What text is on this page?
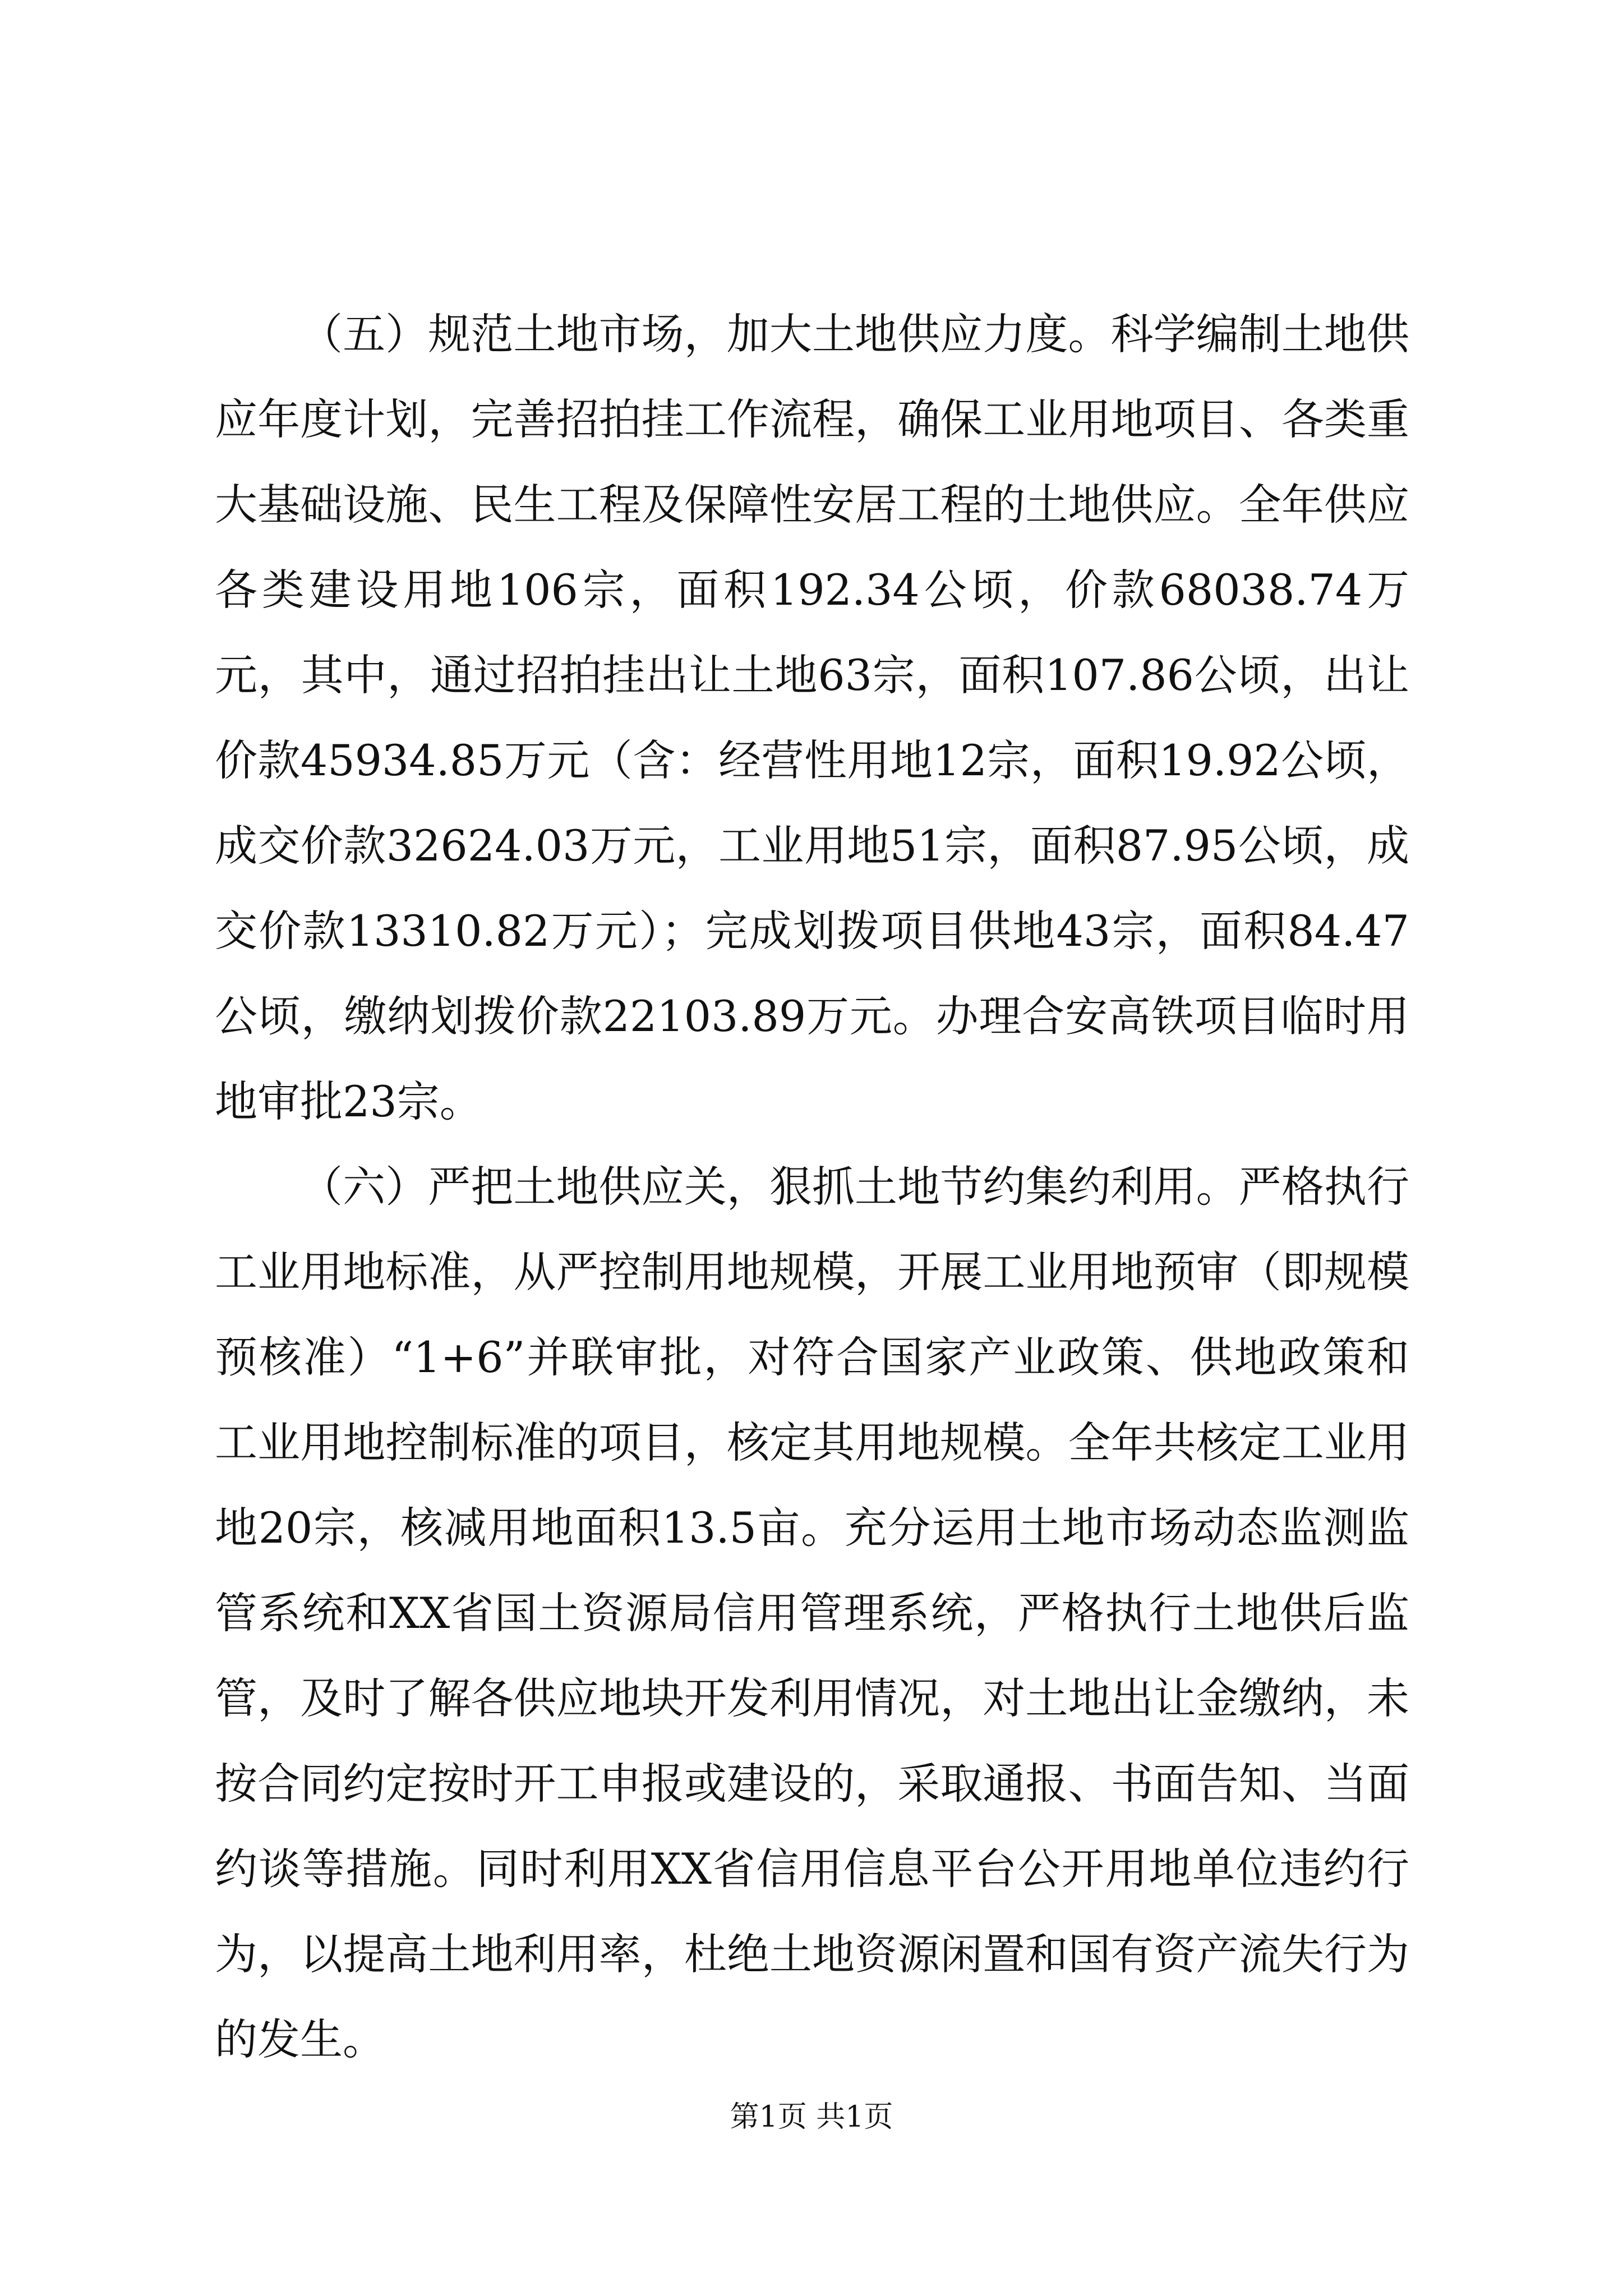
（五）规范土地市场，加大土地供应力度。科学编制土地供应年度计划，完善招拍挂工作流程，确保工业用地项目、各类重大基础设施、民生工程及保障性安居工程的土地供应。全年供应各类建设用地106宗，面积192.34公顷，价款68038.74万元，其中，通过招拍挂出让土地63宗，面积107.86公顷，出让价款45934.85万元（含：经营性用地12宗，面积19.92公顷，成交价款32624.03万元，工业用地51宗，面积87.95公顷，成交价款13310.82万元）；完成划拨项目供地43宗，面积84.47公顷，缴纳划拨价款22103.89万元。办理合安高铁项目临时用地审批23宗。

（六）严把土地供应关，狠抓土地节约集约利用。严格执行工业用地标准，从严控制用地规模，开展工业用地预审（即规模预核准）“1+6”并联审批，对符合国家产业政策、供地政策和工业用地控制标准的项目，核定其用地规模。全年共核定工业用地20宗，核减用地面积13.5亩。充分运用土地市场动态监测监管系统和XX省国土资源局信用管理系统，严格执行土地供后监管，及时了解各供应地块开发利用情况，对土地出让金缴纳，未按合同约定按时开工申报或建设的，采取通报、书面告知、当面约谈等措施。同时利用XX省信用信息平台公开用地单位违约行为，以提高土地利用率，杜绝土地资源闲置和国有资产流失行为的发生。

第1页 共1页
